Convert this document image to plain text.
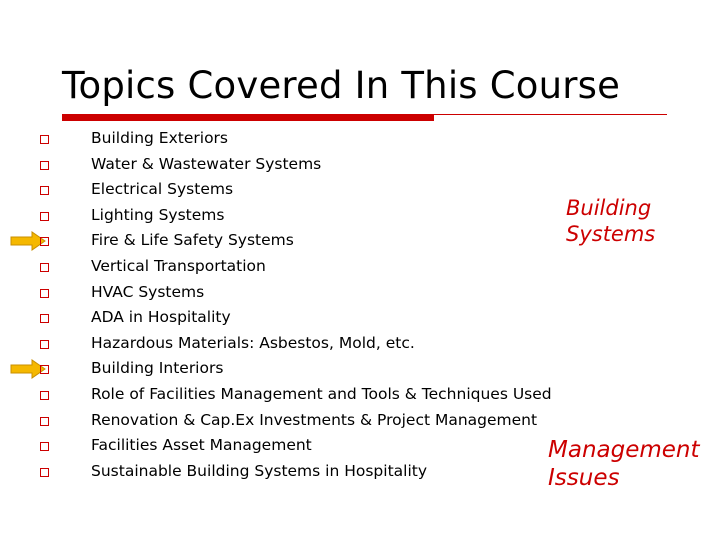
Topics Covered In This Course
• Building Exteriors
• Water & Wastewater Systems
• Electrical Systems
• Lighting Systems
• Fire & Life Safety Systems
• Vertical Transportation
• HVAC Systems
• ADA in Hospitality
• Hazardous Materials: Asbestos, Mold, etc.
• Building Interiors
• Role of Facilities Management and Tools & Techniques Used
• Renovation & Cap.Ex Investments & Project Management
• Facilities Asset Management
• Sustainable Building Systems in Hospitality
Building
Systems
Management
Issues
